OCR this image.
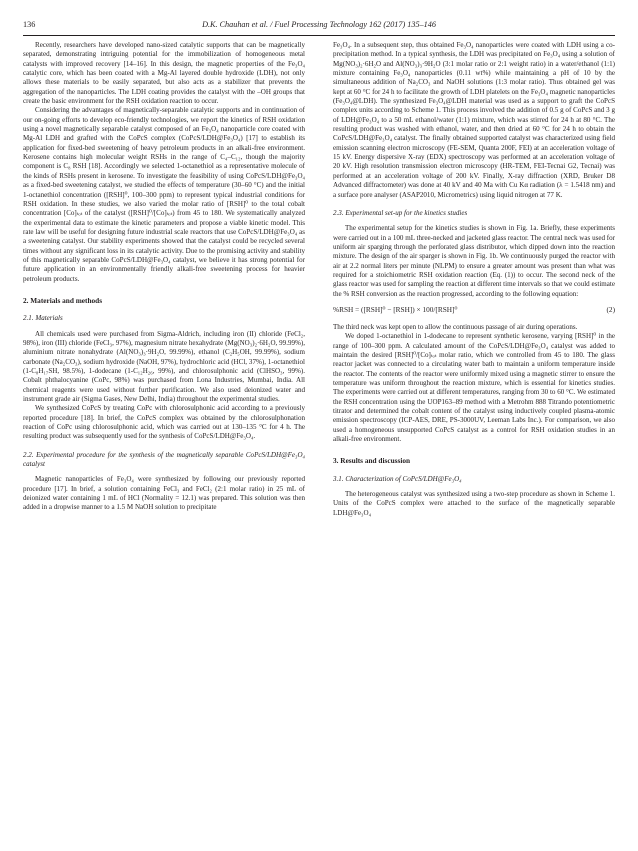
136	D.K. Chauhan et al. / Fuel Processing Technology 162 (2017) 135–146

Recently, researchers have developed nano-sized catalytic supports that can be magnetically separated, demonstrating intriguing potential for the immobilization of homogeneous metal catalysts with improved recovery [14–16]. In this design, the magnetic properties of the Fe₃O₄ catalytic core, which has been coated with a Mg-Al layered double hydroxide (LDH), not only allows these materials to be easily separated, but also acts as a stabilizer that prevents the aggregation of the nanoparticles. The LDH coating provides the catalyst with the –OH groups that create the basic environment for the RSH oxidation reaction to occur.

Considering the advantages of magnetically-separable catalytic supports and in continuation of our on-going efforts to develop eco-friendly technologies, we report the kinetics of RSH oxidation using a novel magnetically separable catalyst composed of an Fe₃O₄ nanoparticle core coated with Mg-Al LDH and grafted with the CoPcS complex (CoPcS/LDH@Fe₃O₄) [17] to establish its application for fixed-bed sweetening of heavy petroleum products in an alkali-free environment. Kerosene contains high molecular weight RSHs in the range of C₄–C₁₂, though the majority component is C₈ RSH [18]. Accordingly we selected 1-octanethiol as a representative molecule of the kinds of RSHs present in kerosene. To investigate the feasibility of using CoPcS/LDH@Fe₃O₄ as a fixed-bed sweetening catalyst, we studied the effects of temperature (30–60 °C) and the initial 1-octanethiol concentration ([RSH]⁰, 100–300 ppm) to represent typical industrial conditions for RSH oxidation. In these studies, we also varied the molar ratio of [RSH]⁰ to the total cobalt concentration [Co]ₜₒₜ of the catalyst ([RSH]⁰/[Co]ₜₒₜ) from 45 to 180. We systematically analyzed the experimental data to estimate the kinetic parameters and propose a viable kinetic model. This rate law will be useful for designing future industrial scale reactors that use CoPcS/LDH@Fe₃O₄ as a sweetening catalyst. Our stability experiments showed that the catalyst could be recycled several times without any significant loss in its catalytic activity. Due to the promising activity and stability of this magnetically separable CoPcS/LDH@Fe₃O₄ catalyst, we believe it has strong potential for future application in an environmentally friendly alkali-free sweetening process for heavier petroleum products.

2. Materials and methods
2.1. Materials

All chemicals used were purchased from Sigma-Aldrich, including iron (II) chloride (FeCl₂, 98%), iron (III) chloride (FeCl₃, 97%), magnesium nitrate hexahydrate (Mg(NO₃)₂·6H₂O, 99.99%), aluminium nitrate nonahydrate (Al(NO₃)₃·9H₂O, 99.99%), ethanol (C₂H₅OH, 99.99%), sodium carbonate (Na₂CO₃), sodium hydroxide (NaOH, 97%), hydrochloric acid (HCl, 37%), 1-octanethiol (1-C₈H₁₇SH, 98.5%), 1-dodecane (1-C₁₂H₂₆, 99%), and chlorosulphonic acid (ClHSO₃, 99%). Cobalt phthalocyanine (CoPc, 98%) was purchased from Lona Industries, Mumbai, India. All chemical reagents were used without further purification. We also used deionized water and instrument grade air (Sigma Gases, New Delhi, India) throughout the experimental studies.

We synthesized CoPcS by treating CoPc with chlorosulphonic acid according to a previously reported procedure [18]. In brief, the CoPcS complex was obtained by the chlorosulphonation reaction of CoPc using chlorosulphonic acid, which was carried out at 130–135 °C for 4 h. The resulting product was subsequently used for the synthesis of CoPcS/LDH@Fe₃O₄.

2.2. Experimental procedure for the synthesis of the magnetically separable CoPcS/LDH@Fe₃O₄ catalyst

Magnetic nanoparticles of Fe₃O₄ were synthesized by following our previously reported procedure [17]. In brief, a solution containing FeCl₃ and FeCl₂ (2:1 molar ratio) in 25 mL of deionized water containing 1 mL of HCl (Normality = 12.1) was prepared. This solution was then added in a dropwise manner to a 1.5 M NaOH solution to precipitate

Fe₃O₄. In a subsequent step, thus obtained Fe₃O₄ nanoparticles were coated with LDH using a co-precipitation method. In a typical synthesis, the LDH was precipitated on Fe₃O₄ using a solution of Mg(NO₃)₂·6H₂O and Al(NO₃)₃·9H₂O (3:1 molar ratio or 2:1 weight ratio) in a water/ethanol (1:1) mixture containing Fe₃O₄ nanoparticles (0.11 wt%) while maintaining a pH of 10 by the simultaneous addition of Na₂CO₃ and NaOH solutions (1:3 molar ratio). Thus obtained gel was kept at 60 °C for 24 h to facilitate the growth of LDH platelets on the Fe₃O₄ magnetic nanoparticles (Fe₃O₄@LDH). The synthesized Fe₃O₄@LDH material was used as a support to graft the CoPcS complex units according to Scheme 1. This process involved the addition of 0.5 g of CoPcS and 3 g of LDH@Fe₃O₄ to a 50 mL ethanol/water (1:1) mixture, which was stirred for 24 h at 80 °C. The resulting product was washed with ethanol, water, and then dried at 60 °C for 24 h to obtain the CoPcS/LDH@Fe₃O₄ catalyst. The finally obtained supported catalyst was characterized using field emission scanning electron microscopy (FE-SEM, Quanta 200F, FEI) at an acceleration voltage of 15 kV. Energy dispersive X-ray (EDX) spectroscopy was performed at an acceleration voltage of 20 kV. High resolution transmission electron microscopy (HR-TEM, FEI-Tecnai G2, Tecnai) was performed at an acceleration voltage of 200 kV. Finally, X-ray diffraction (XRD, Bruker D8 Advanced diffractometer) was done at 40 kV and 40 Ma with Cu Kα radiation (λ = 1.5418 nm) and a surface pore analyser (ASAP2010, Micrometrics) using liquid nitrogen at 77 K.

2.3. Experimental set-up for the kinetics studies

The experimental setup for the kinetics studies is shown in Fig. 1a. Briefly, these experiments were carried out in a 100 mL three-necked and jacketed glass reactor. The central neck was used for uniform air sparging through the perforated glass distributor, which dipped down into the reaction mixture. The design of the air sparger is shown in Fig. 1b. We continuously purged the reactor with air at 2.2 normal liters per minute (NLPM) to ensure a greater amount was present than what was required for a stoichiometric RSH oxidation reaction (Eq. (1)) to occur. The second neck of the glass reactor was used for sampling the reaction at different time intervals so that we could estimate the % RSH conversion as the reaction progressed, according to the following equation:

%RSH = ([RSH]⁰ − [RSH]) × 100/[RSH]⁰	(2)

The third neck was kept open to allow the continuous passage of air during operations.

We doped 1-octanethiol in 1-dodecane to represent synthetic kerosene, varying [RSH]⁰ in the range of 100–300 ppm. A calculated amount of the CoPcS/LDH@Fe₃O₄ catalyst was added to maintain the desired [RSH]⁰/[Co]ₜₒₜ molar ratio, which we controlled from 45 to 180. The glass reactor jacket was connected to a circulating water bath to maintain a uniform temperature inside the reactor. The contents of the reactor were uniformly mixed using a magnetic stirrer to ensure the temperature was uniform throughout the reaction mixture, which is essential for kinetics studies. The experiments were carried out at different temperatures, ranging from 30 to 60 °C. We estimated the RSH concentration using the UOP163–89 method with a Metrohm 888 Titrando potentiometric titrator and determined the cobalt content of the catalyst using inductively coupled plasma-atomic emission spectroscopy (ICP-AES, DRE, PS-3000UV, Leeman Labs Inc.). For comparison, we also used a homogeneous unsupported CoPcS catalyst as a control for RSH oxidation studies in an alkali-free environment.

3. Results and discussion
3.1. Characterization of CoPcS/LDH@Fe₃O₄

The heterogeneous catalyst was synthesized using a two-step procedure as shown in Scheme 1. Units of the CoPcS complex were attached to the surface of the magnetically separable LDH@Fe₃O₄
